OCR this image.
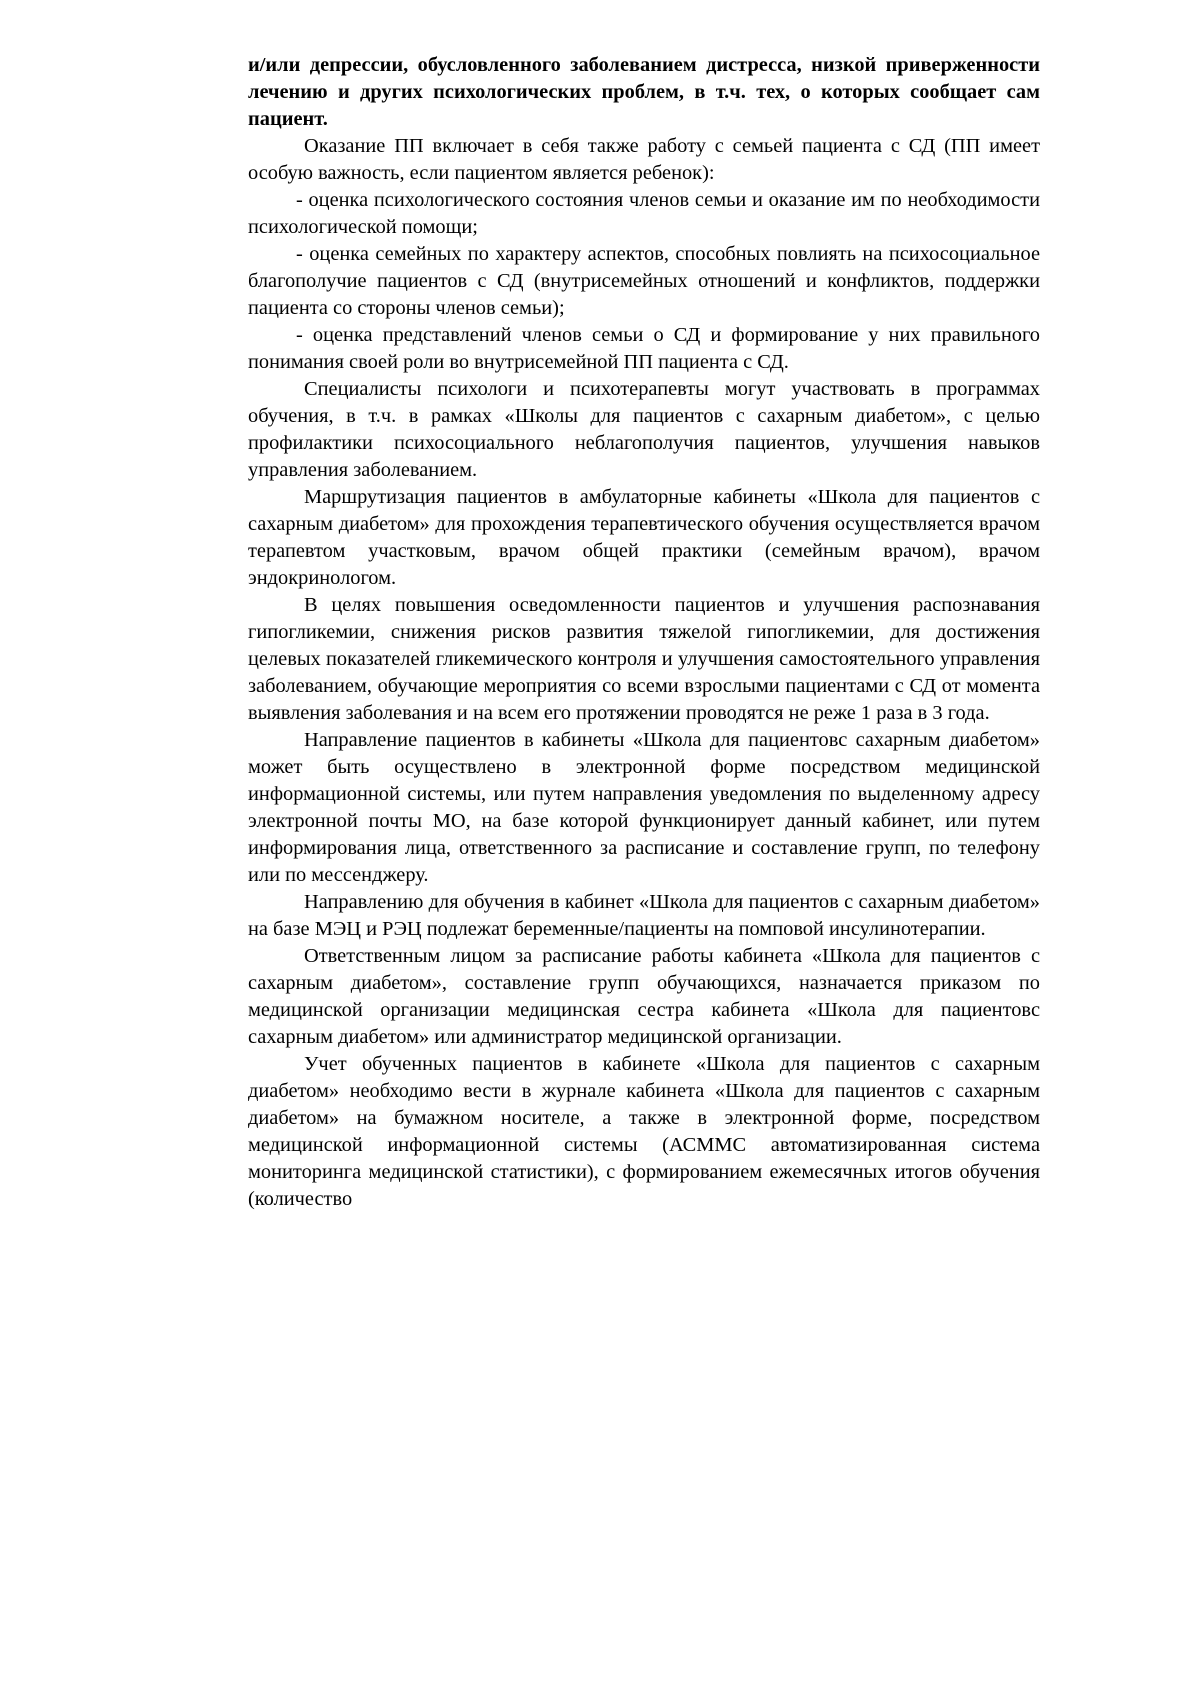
и/или депрессии, обусловленного заболеванием дистресса, низкой приверженности лечению и других психологических проблем, в т.ч. тех, о которых сообщает сам пациент.

Оказание ПП включает в себя также работу с семьей пациента с СД (ПП имеет особую важность, если пациентом является ребенок):

- оценка психологического состояния членов семьи и оказание им по необходимости психологической помощи;

- оценка семейных по характеру аспектов, способных повлиять на психосоциальное благополучие пациентов с СД (внутрисемейных отношений и конфликтов, поддержки пациента со стороны членов семьи);

- оценка представлений членов семьи о СД и формирование у них правильного понимания своей роли во внутрисемейной ПП пациента с СД.

Специалисты психологи и психотерапевты могут участвовать в программах обучения, в т.ч. в рамках «Школы для пациентов с сахарным диабетом», с целью профилактики психосоциального неблагополучия пациентов, улучшения навыков управления заболеванием.

Маршрутизация пациентов в амбулаторные кабинеты «Школа для пациентов с сахарным диабетом» для прохождения терапевтического обучения осуществляется врачом терапевтом участковым, врачом общей практики (семейным врачом), врачом эндокринологом.

В целях повышения осведомленности пациентов и улучшения распознавания гипогликемии, снижения рисков развития тяжелой гипогликемии, для достижения целевых показателей гликемического контроля и улучшения самостоятельного управления заболеванием, обучающие мероприятия со всеми взрослыми пациентами с СД от момента выявления заболевания и на всем его протяжении проводятся не реже 1 раза в 3 года.

Направление пациентов в кабинеты «Школа для пациентовс сахарным диабетом» может быть осуществлено в электронной форме посредством медицинской информационной системы, или путем направления уведомления по выделенному адресу электронной почты МО, на базе которой функционирует данный кабинет, или путем информирования лица, ответственного за расписание и составление групп, по телефону или по мессенджеру.

Направлению для обучения в кабинет «Школа для пациентов с сахарным диабетом» на базе МЭЦ и РЭЦ подлежат беременные/пациенты на помповой инсулинотерапии.

Ответственным лицом за расписание работы кабинета «Школа для пациентов с сахарным диабетом», составление групп обучающихся, назначается приказом по медицинской организации медицинская сестра кабинета «Школа для пациентовс сахарным диабетом» или администратор медицинской организации.

Учет обученных пациентов в кабинете «Школа для пациентов с сахарным диабетом» необходимо вести в журнале кабинета «Школа для пациентов с сахарным диабетом» на бумажном носителе, а также в электронной форме, посредством медицинской информационной системы (АСММС автоматизированная система мониторинга медицинской статистики), с формированием ежемесячных итогов обучения (количество
